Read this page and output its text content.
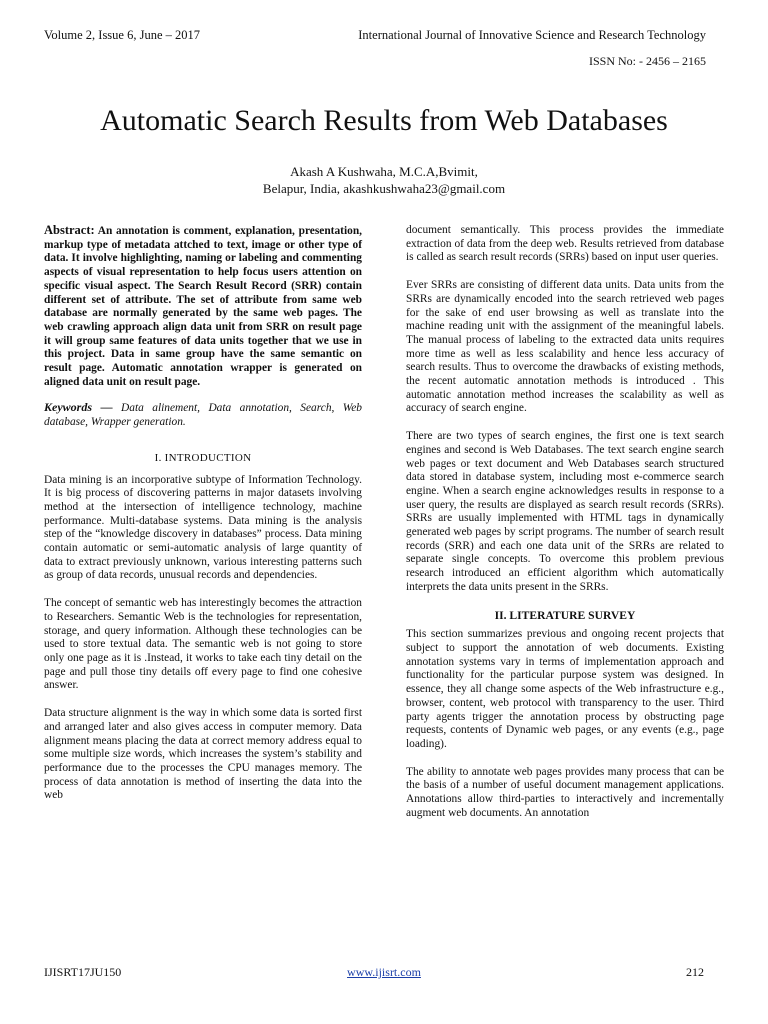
Volume 2, Issue 6, June – 2017	International Journal of Innovative Science and Research Technology
ISSN No: - 2456 – 2165
Automatic Search Results from Web Databases
Akash A Kushwaha, M.C.A,Bvimit,
Belapur, India, akashkushwaha23@gmail.com

Abstract: An annotation is comment, explanation, presentation, markup type of metadata attched to text, image or other type of data. It involve highlighting, naming or labeling and commenting aspects of visual representation to help focus users attention on specific visual aspect. The Search Result Record (SRR) contain different set of attribute. The set of attribute from same web database are normally generated by the same web pages. The web crawling approach align data unit from SRR on result page it will group same features of data units together that we use in this project. Data in same group have the same semantic on result page. Automatic annotation wrapper is generated on aligned data unit on result page.

Keywords — Data alinement, Data annotation, Search, Web database, Wrapper generation.

I. INTRODUCTION

Data mining is an incorporative subtype of Information Technology. It is big process of discovering patterns in major datasets involving method at the intersection of intelligence technology, machine performance. Multi-database systems. Data mining is the analysis step of the “knowledge discovery in databases” process. Data mining contain automatic or semi-automatic analysis of large quantity of data to extract previously unknown, various interesting patterns such as group of data records, unusual records and dependencies.

The concept of semantic web has interestingly becomes the attraction to Researchers. Semantic Web is the technologies for representation, storage, and query information. Although these technologies can be used to store textual data. The semantic web is not going to store only one page as it is .Instead, it works to take each tiny detail on the page and pull those tiny details off every page to find one cohesive answer.

Data structure alignment is the way in which some data is sorted first and arranged later and also gives access in computer memory. Data alignment means placing the data at correct memory address equal to some multiple size words, which increases the system’s stability and performance due to the processes the CPU manages memory. The process of data annotation is method of inserting the data into the web

document semantically. This process provides the immediate extraction of data from the deep web. Results retrieved from database is called as search result records (SRRs) based on input user queries.

Ever SRRs are consisting of different data units. Data units from the SRRs are dynamically encoded into the search retrieved web pages for the sake of end user browsing as well as translate into the machine reading unit with the assignment of the meaningful labels. The manual process of labeling to the extracted data units requires more time as well as less scalability and hence less accuracy of search results. Thus to overcome the drawbacks of existing methods, the recent automatic annotation methods is introduced . This automatic annotation method increases the scalability as well as accuracy of search engine.

There are two types of search engines, the first one is text search engines and second is Web Databases. The text search engine search web pages or text document and Web Databases search structured data stored in database system, including most e-commerce search engine. When a search engine acknowledges results in response to a user query, the results are displayed as search result records (SRRs). SRRs are usually implemented with HTML tags in dynamically generated web pages by script programs. The number of search result records (SRR) and each one data unit of the SRRs are related to separate single concepts. To overcome this problem previous research introduced an efficient algorithm which automatically interprets the data units present in the SRRs.

II. LITERATURE SURVEY

This section summarizes previous and ongoing recent projects that subject to support the annotation of web documents. Existing annotation systems vary in terms of implementation approach and functionality for the particular purpose system was designed. In essence, they all change some aspects of the Web infrastructure e.g., browser, content, web protocol with transparency to the user. Third party agents trigger the annotation process by obstructing page requests, contents of Dynamic web pages, or any events (e.g., page loading).

The ability to annotate web pages provides many process that can be the basis of a number of useful document management applications. Annotations allow third-parties to interactively and incrementally augment web documents. An annotation

IJISRT17JU150	www.ijisrt.com	212
